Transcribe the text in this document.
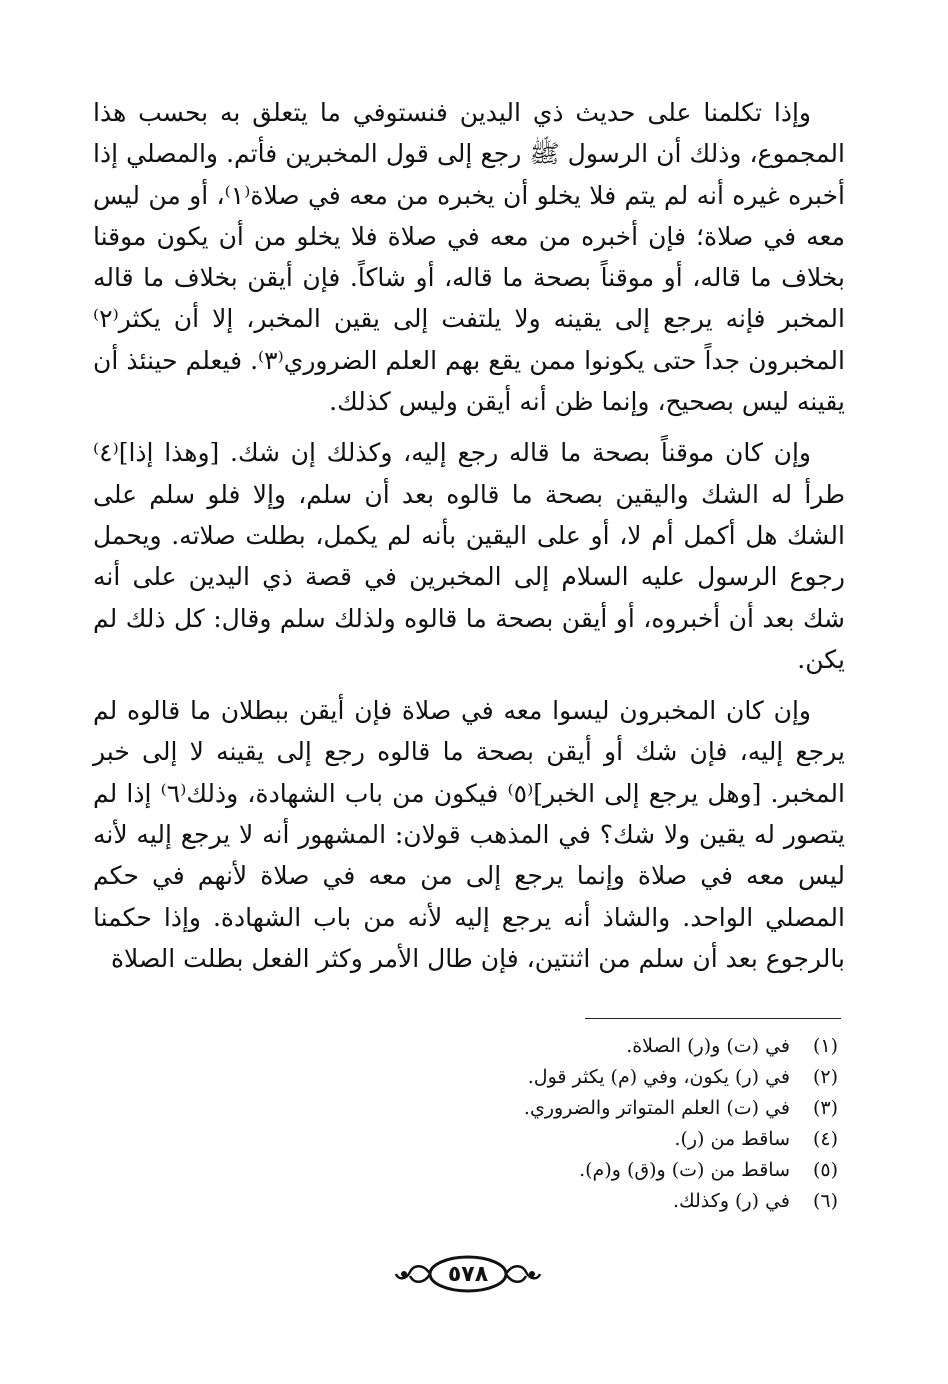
وإذا تكلمنا على حديث ذي اليدين فنستوفي ما يتعلق به بحسب هذا المجموع، وذلك أن الرسول ﷺ رجع إلى قول المخبرين فأتم. والمصلي إذا أخبره غيره أنه لم يتم فلا يخلو أن يخبره من معه في صلاة⁽١⁾، أو من ليس معه في صلاة؛ فإن أخبره من معه في صلاة فلا يخلو من أن يكون موقنا بخلاف ما قاله، أو موقناً بصحة ما قاله، أو شاكاً. فإن أيقن بخلاف ما قاله المخبر فإنه يرجع إلى يقينه ولا يلتفت إلى يقين المخبر، إلا أن يكثر⁽٢⁾ المخبرون جداً حتى يكونوا ممن يقع بهم العلم الضروري⁽٣⁾. فيعلم حينئذ أن يقينه ليس بصحيح، وإنما ظن أنه أيقن وليس كذلك.

وإن كان موقناً بصحة ما قاله رجع إليه، وكذلك إن شك. [وهذا إذا]⁽٤⁾ طرأ له الشك واليقين بصحة ما قالوه بعد أن سلم، وإلا فلو سلم على الشك هل أكمل أم لا، أو على اليقين بأنه لم يكمل، بطلت صلاته. ويحمل رجوع الرسول عليه السلام إلى المخبرين في قصة ذي اليدين على أنه شك بعد أن أخبروه، أو أيقن بصحة ما قالوه ولذلك سلم وقال: كل ذلك لم يكن.

وإن كان المخبرون ليسوا معه في صلاة فإن أيقن ببطلان ما قالوه لم يرجع إليه، فإن شك أو أيقن بصحة ما قالوه رجع إلى يقينه لا إلى خبر المخبر. [وهل يرجع إلى الخبر]⁽٥⁾ فيكون من باب الشهادة، وذلك⁽٦⁾ إذا لم يتصور له يقين ولا شك؟ في المذهب قولان: المشهور أنه لا يرجع إليه لأنه ليس معه في صلاة وإنما يرجع إلى من معه في صلاة لأنهم في حكم المصلي الواحد. والشاذ أنه يرجع إليه لأنه من باب الشهادة. وإذا حكمنا بالرجوع بعد أن سلم من اثنتين، فإن طال الأمر وكثر الفعل بطلت الصلاة

(١)
في (ت) و(ر) الصلاة.
(٢)
في (ر) يكون، وفي (م) يكثر قول.
(٣)
في (ت) العلم المتواتر والضروري.
(٤)
ساقط من (ر).
(٥)
ساقط من (ت) و(ق) و(م).
(٦)
في (ر) وكذلك.
٥٧٨
